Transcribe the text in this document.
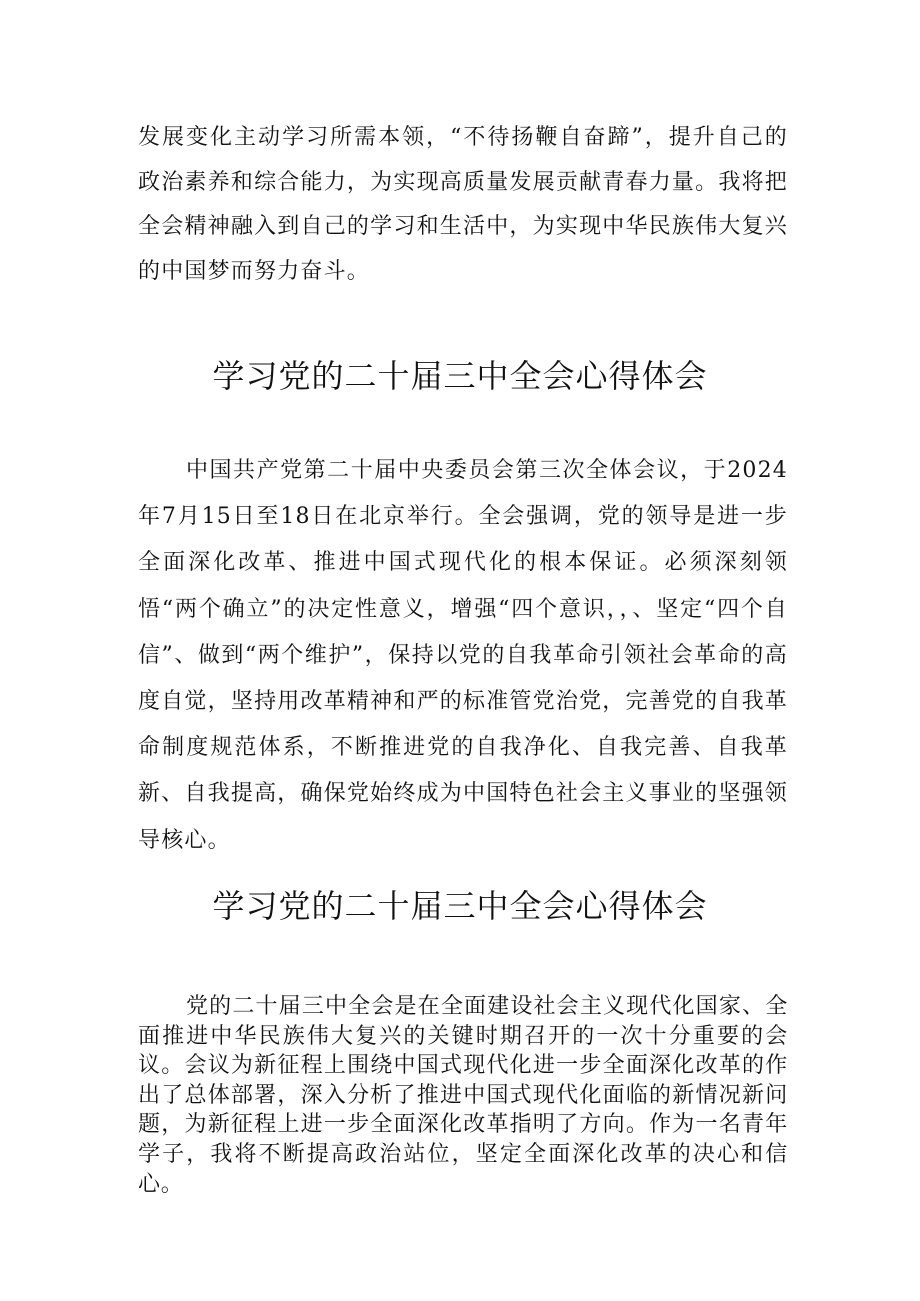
发展变化主动学习所需本领，“不待扬鞭自奋蹄”，提升自己的政治素养和综合能力，为实现高质量发展贡献青春力量。我将把全会精神融入到自己的学习和生活中，为实现中华民族伟大复兴的中国梦而努力奋斗。

学习党的二十届三中全会心得体会

中国共产党第二十届中央委员会第三次全体会议，于2024年7月15日至18日在北京举行。全会强调，党的领导是进一步全面深化改革、推进中国式现代化的根本保证。必须深刻领悟“两个确立”的决定性意义，增强“四个意识，，、坚定“四个自信”、做到“两个维护”，保持以党的自我革命引领社会革命的高度自觉，坚持用改革精神和严的标准管党治党，完善党的自我革命制度规范体系，不断推进党的自我净化、自我完善、自我革新、自我提高，确保党始终成为中国特色社会主义事业的坚强领导核心。

学习党的二十届三中全会心得体会

党的二十届三中全会是在全面建设社会主义现代化国家、全面推进中华民族伟大复兴的关键时期召开的一次十分重要的会议。会议为新征程上围绕中国式现代化进一步全面深化改革的作出了总体部署，深入分析了推进中国式现代化面临的新情况新问题，为新征程上进一步全面深化改革指明了方向。作为一名青年学子，我将不断提高政治站位，坚定全面深化改革的决心和信心。
